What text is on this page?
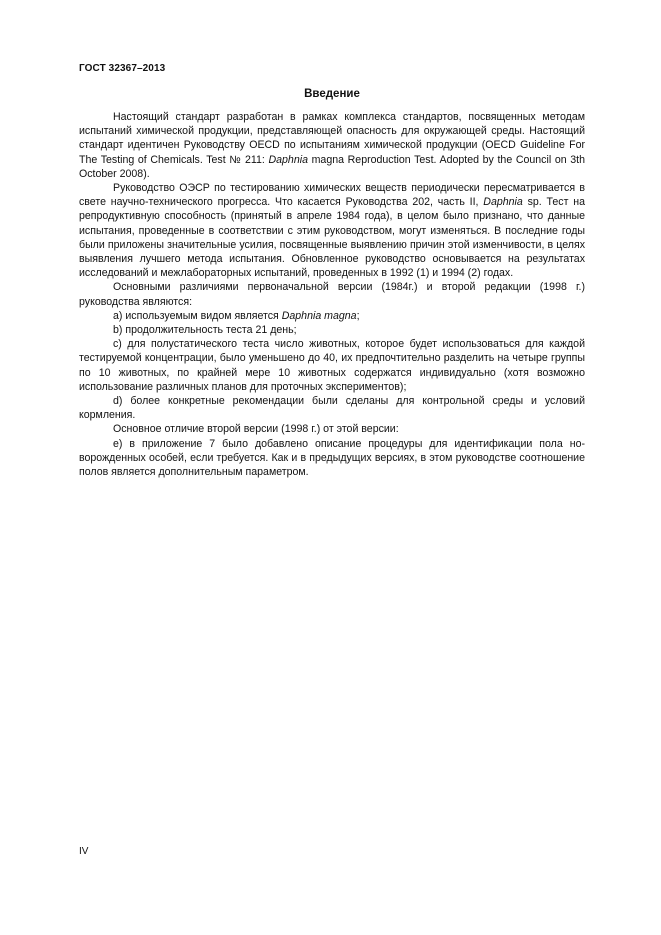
ГОСТ 32367–2013
Введение

Настоящий стандарт разработан в рамках комплекса стандартов, посвященных методам испытаний химической продукции, представляющей опасность для окружающей среды. Настоящий стандарт идентичен Руководству OECD по испытаниям химической продукции (OECD Guideline For The Testing of Chemicals. Test № 211: Daphnia magna Reproduction Test. Adopted by the Council on 3th October 2008).

Руководство ОЭСР по тестированию химических веществ периодически пересматривается в свете научно-технического прогресса. Что касается Руководства 202, часть II, Daphnia sp. Тест на репродуктивную способность (принятый в апреле 1984 года), в целом было признано, что данные испытания, проведенные в соответствии с этим руководством, могут изменяться. В последние годы были приложены значительные усилия, посвященные выявлению причин этой изменчивости, в целях выявления лучшего метода испытания. Обновленное руководство основывается на результатах исследований и межлабораторных испытаний, проведенных в 1992 (1) и 1994 (2) годах.

Основными различиями первоначальной версии (1984г.) и второй редакции (1998 г.) руководства являются:

а) используемым видом является Daphnia magna;

b) продолжительность теста 21 день;

с) для полустатического теста число животных, которое будет использоваться для каждой тестируемой концентрации, было уменьшено до 40, их предпочтительно разделить на четыре группы по 10 животных, по крайней мере 10 животных содержатся индивидуально (хотя возможно использование различных планов для проточных экспериментов);

d) более конкретные рекомендации были сделаны для контрольной среды и условий кормления.

Основное отличие второй версии (1998 г.) от этой версии:

е) в приложение 7 было добавлено описание процедуры для идентификации пола новорожденных особей, если требуется. Как и в предыдущих версиях, в этом руководстве соотношение полов является дополнительным параметром.

IV
